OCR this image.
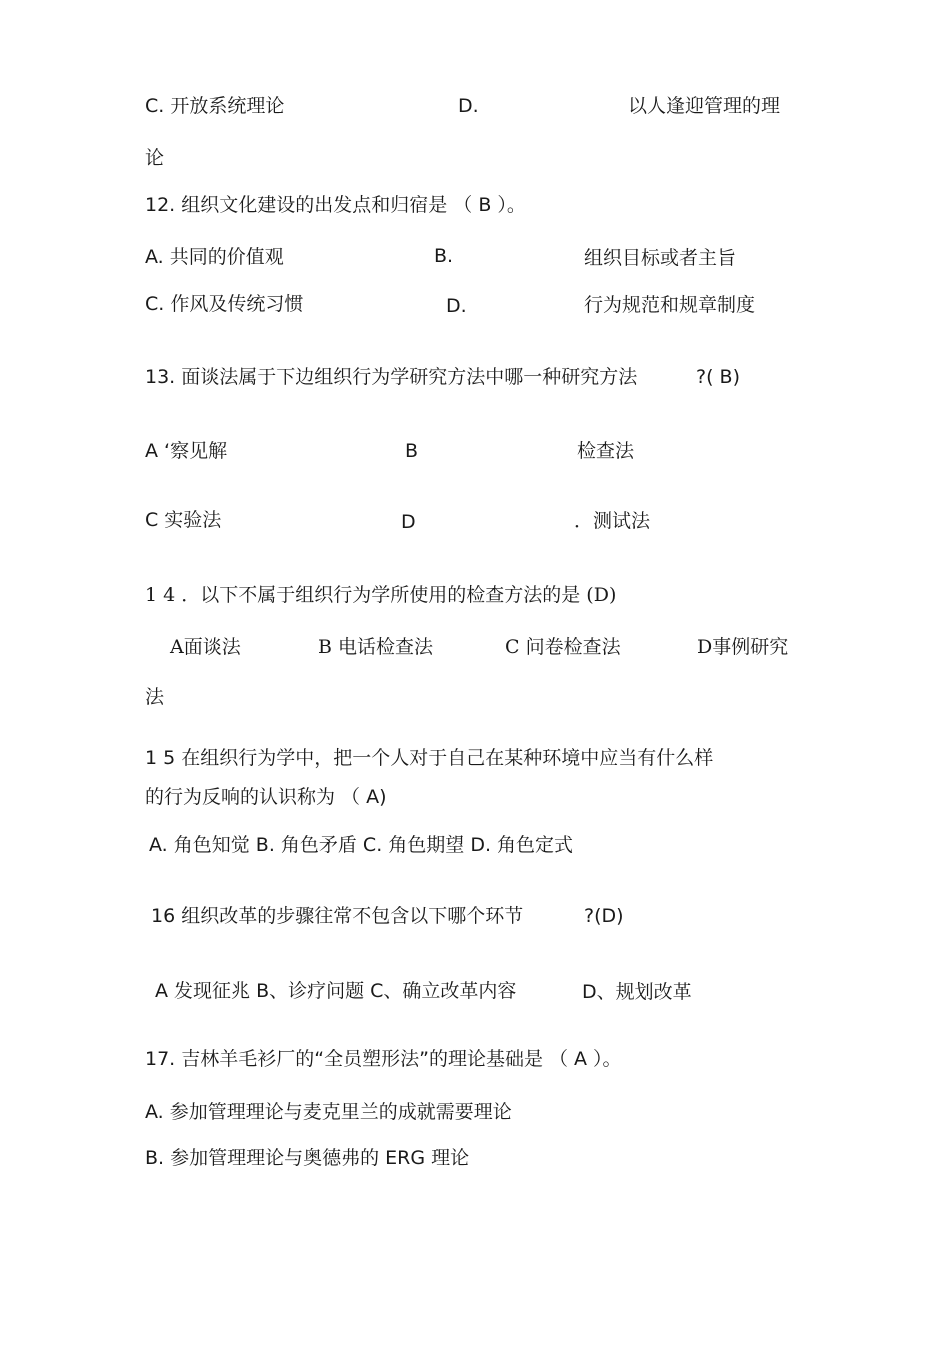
C. 开放系统理论	D.	以人逢迎管理的理
论
12. 组织文化建设的出发点和归宿是 （ B ）。
A. 共同的价值观	B.	组织目标或者主旨
C. 作风及传统习惯	D.	行为规范和规章制度
13. 面谈法属于下边组织行为学研究方法中哪一种研究方法	?( B)
A ‘察见解	B	检查法
C 实验法	D	．测试法
1 4 ．以下不属于组织行为学所使用的检查方法的是 (D)
A面谈法	B 电话检查法	C 问卷检查法	D事例研究
法
1 5 在组织行为学中，把一个人对于自己在某种环境中应当有什么样
的行为反响的认识称为 （ A)
A. 角色知觉 B. 角色矛盾 C. 角色期望 D. 角色定式
16 组织改革的步骤往常不包含以下哪个环节	?(D)
A 发现征兆 B、诊疗问题 C、确立改革内容	D、规划改革
17. 吉林羊毛衫厂的“全员塑形法”的理论基础是 （ A ）。
A. 参加管理理论与麦克里兰的成就需要理论
B. 参加管理理论与奥德弗的 ERG 理论
